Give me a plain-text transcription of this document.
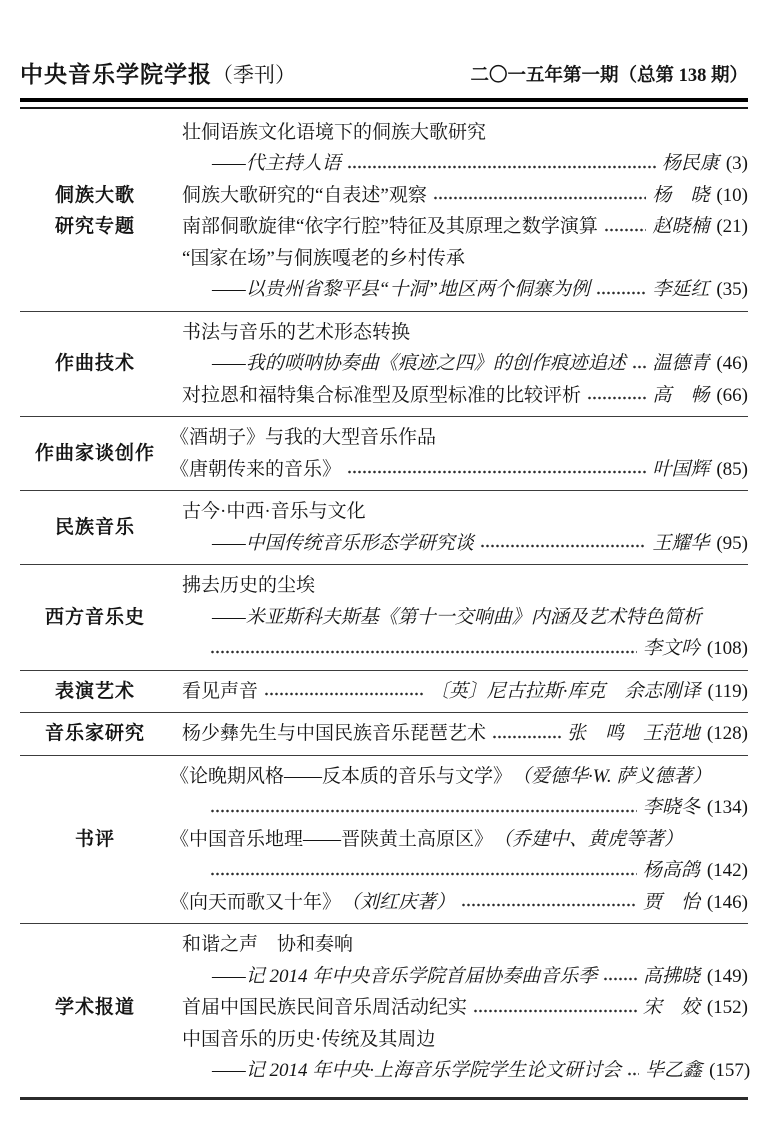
中央音乐学院学报（季刊）	二〇一五年第一期（总第 138 期）
侗族大歌
研究专题
壮侗语族文化语境下的侗族大歌研究
——代主持人语	杨民康 (3)
侗族大歌研究的“自表述”观察	杨　晓 (10)
南部侗歌旋律“依字行腔”特征及其原理之数学演算	赵晓楠 (21)
“国家在场”与侗族嘎老的乡村传承
——以贵州省黎平县“十洞”地区两个侗寨为例	李延红 (35)
作曲技术
书法与音乐的艺术形态转换
——我的唢呐协奏曲《痕迹之四》的创作痕迹追述 温德青 (46)
对拉恩和福特集合标准型及原型标准的比较评析	高　畅 (66)
作曲家谈创作
《酒胡子》与我的大型音乐作品
《唐朝传来的音乐》	叶国辉 (85)
民族音乐
古今·中西·音乐与文化
——中国传统音乐形态学研究谈	王耀华 (95)
西方音乐史
拂去历史的尘埃
——米亚斯科夫斯基《第十一交响曲》内涵及艺术特色简析
李文吟 (108)
表演艺术 看见声音	〔英〕尼古拉斯·库克　余志刚译 (119)
音乐家研究 杨少彝先生与中国民族音乐琵琶艺术	张　鸣　王范地 (128)
书评
《论晚期风格——反本质的音乐与文学》 （爱德华·W. 萨义德著）
李晓冬 (134)
《中国音乐地理——晋陕黄土高原区》 （乔建中、黄虎等著）
杨高鸽 (142)
《向天而歌又十年》 （刘红庆著）	贾　怡 (146)
学术报道
和谐之声　协和奏响
——记 2014 年中央音乐学院首届协奏曲音乐季 高拂晓 (149)
首届中国民族民间音乐周活动纪实	宋　姣 (152)
中国音乐的历史·传统及其周边
——记 2014 年中央·上海音乐学院学生论文研讨会 毕乙鑫 (157)
